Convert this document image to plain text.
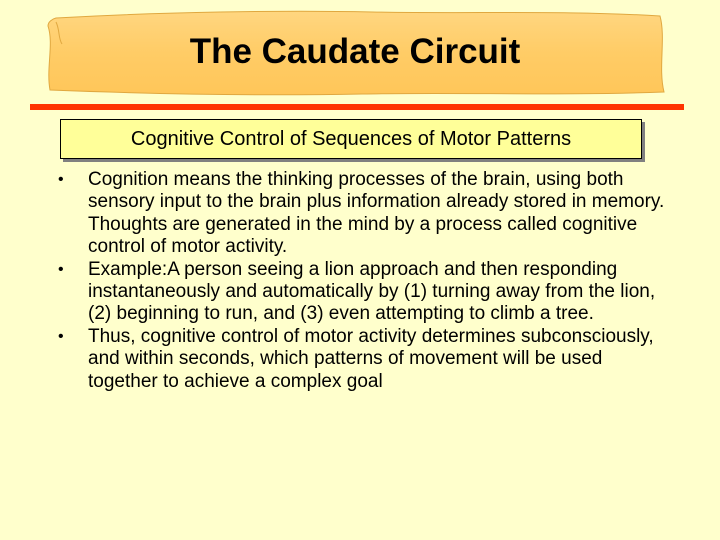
The Caudate Circuit
Cognitive Control of Sequences of Motor Patterns
• Cognition means the thinking processes of the brain, using both sensory input to the brain plus information already stored in memory. Thoughts are generated in the mind by a process called cognitive control of motor activity.
• Example:A person seeing a lion approach and then responding instantaneously and automatically by (1) turning away from the lion, (2) beginning to run, and (3) even attempting to climb a tree.
• Thus, cognitive control of motor activity determines subconsciously, and within seconds, which patterns of movement will be used together to achieve a complex goal
